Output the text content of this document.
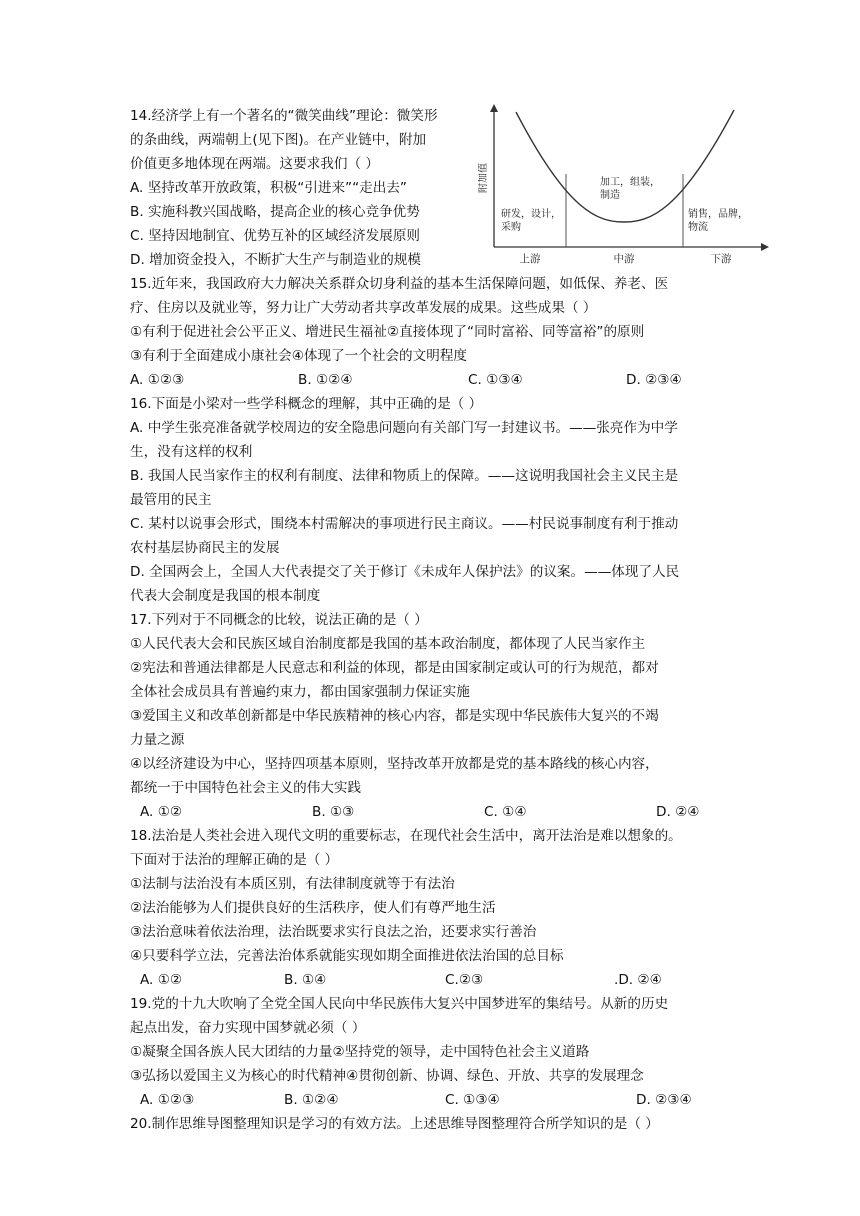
14.经济学上有一个著名的“微笑曲线”理论：微笑形
的条曲线，两端朝上(见下图)。在产业链中，附加
价值更多地体现在两端。这要求我们（ ）
A. 坚持改革开放政策，积极“引进来”“走出去”
B. 实施科教兴国战略，提高企业的核心竞争优势
C. 坚持因地制宜、优势互补的区域经济发展原则
D. 增加资金投入，不断扩大生产与制造业的规模
附加值
研发，设计，
采购
加工，组装，
制造
销售，品牌，
物流
上游	中游	下游
15.近年来，我国政府大力解决关系群众切身利益的基本生活保障问题，如低保、养老、医
疗、住房以及就业等，努力让广大劳动者共享改革发展的成果。这些成果（ ）
①有利于促进社会公平正义、增进民生福祉②直接体现了“同时富裕、同等富裕”的原则
③有利于全面建成小康社会④体现了一个社会的文明程度
A. ①②③	B. ①②④	C. ①③④	D. ②③④
16.下面是小梁对一些学科概念的理解，其中正确的是（ ）
A. 中学生张亮准备就学校周边的安全隐患问题向有关部门写一封建议书。——张亮作为中学
生，没有这样的权利
B. 我国人民当家作主的权利有制度、法律和物质上的保障。——这说明我国社会主义民主是
最管用的民主
C. 某村以说事会形式，围绕本村需解决的事项进行民主商议。——村民说事制度有利于推动
农村基层协商民主的发展
D. 全国两会上，全国人大代表提交了关于修订《未成年人保护法》的议案。——体现了人民
代表大会制度是我国的根本制度
17.下列对于不同概念的比较，说法正确的是（ ）
①人民代表大会和民族区域自治制度都是我国的基本政治制度，都体现了人民当家作主
②宪法和普通法律都是人民意志和利益的体现，都是由国家制定或认可的行为规范，都对
全体社会成员具有普遍约束力，都由国家强制力保证实施
③爱国主义和改革创新都是中华民族精神的核心内容，都是实现中华民族伟大复兴的不竭
力量之源
④以经济建设为中心，坚持四项基本原则，坚持改革开放都是党的基本路线的核心内容，
都统一于中国特色社会主义的伟大实践
A. ①②	B. ①③	C. ①④	D. ②④
18.法治是人类社会进入现代文明的重要标志，在现代社会生活中，离开法治是难以想象的。
下面对于法治的理解正确的是（ ）
①法制与法治没有本质区别，有法律制度就等于有法治
②法治能够为人们提供良好的生活秩序，使人们有尊严地生活
③法治意味着依法治理，法治既要求实行良法之治，还要求实行善治
④只要科学立法，完善法治体系就能实现如期全面推进依法治国的总目标
A. ①②	B. ①④	C.②③	.D. ②④
19.党的十九大吹响了全党全国人民向中华民族伟大复兴中国梦进军的集结号。从新的历史
起点出发，奋力实现中国梦就必须（ ）
①凝聚全国各族人民大团结的力量②坚持党的领导，走中国特色社会主义道路
③弘扬以爱国主义为核心的时代精神④贯彻创新、协调、绿色、开放、共享的发展理念
A. ①②③	B. ①②④	C. ①③④	D. ②③④
20.制作思维导图整理知识是学习的有效方法。上述思维导图整理符合所学知识的是（ ）
